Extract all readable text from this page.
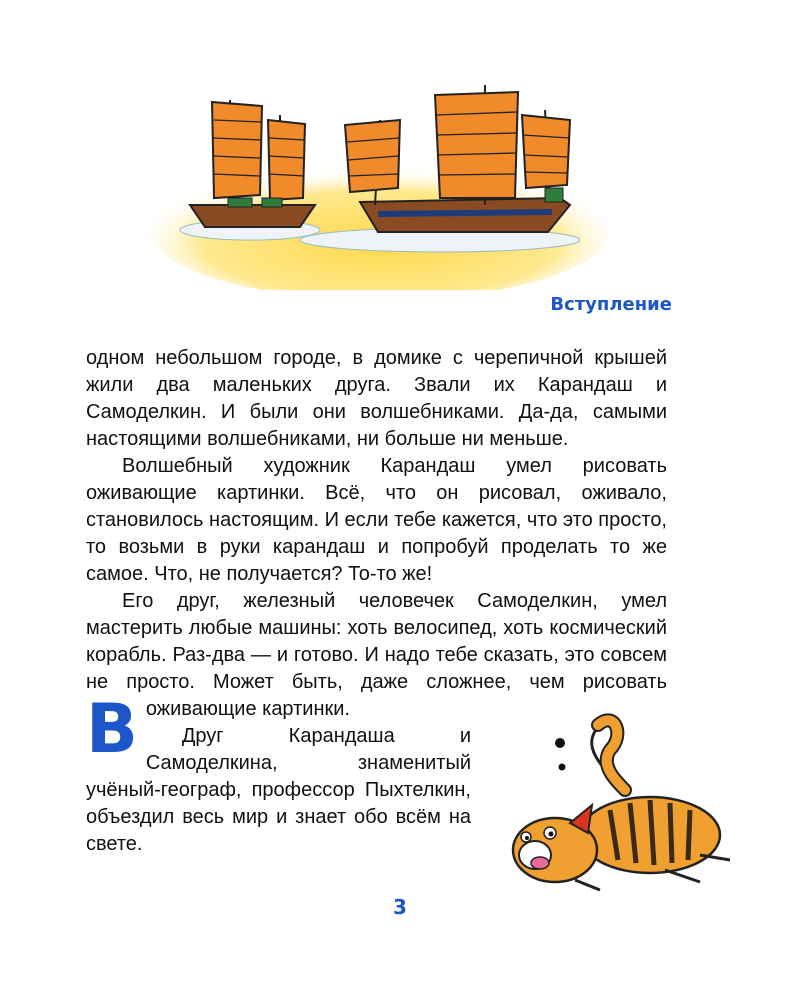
Вступление

В
одном небольшом городе, в домике с черепичной крышей жили два маленьких друга. Звали их Карандаш и Самоделкин. И были они волшебниками. Да-да, самыми настоящими волшебниками, ни больше ни меньше.

Волшебный художник Карандаш умел рисовать оживающие картинки. Всё, что он рисовал, оживало, становилось настоящим. И если тебе кажется, что это просто, то возьми в руки карандаш и попробуй проделать то же самое. Что, не получается? То-то же!

Его друг, железный человечек Самоделкин, умел мастерить любые машины: хоть велосипед, хоть космический корабль. Раз-два — и готово. И надо тебе сказать, это совсем не просто. Может быть, даже сложнее, чем рисовать оживающие картинки.

Друг Карандаша и Самоделкина, знаменитый учёный-географ, профессор Пыхтелкин, объездил весь мир и знает обо всём на свете.

3
